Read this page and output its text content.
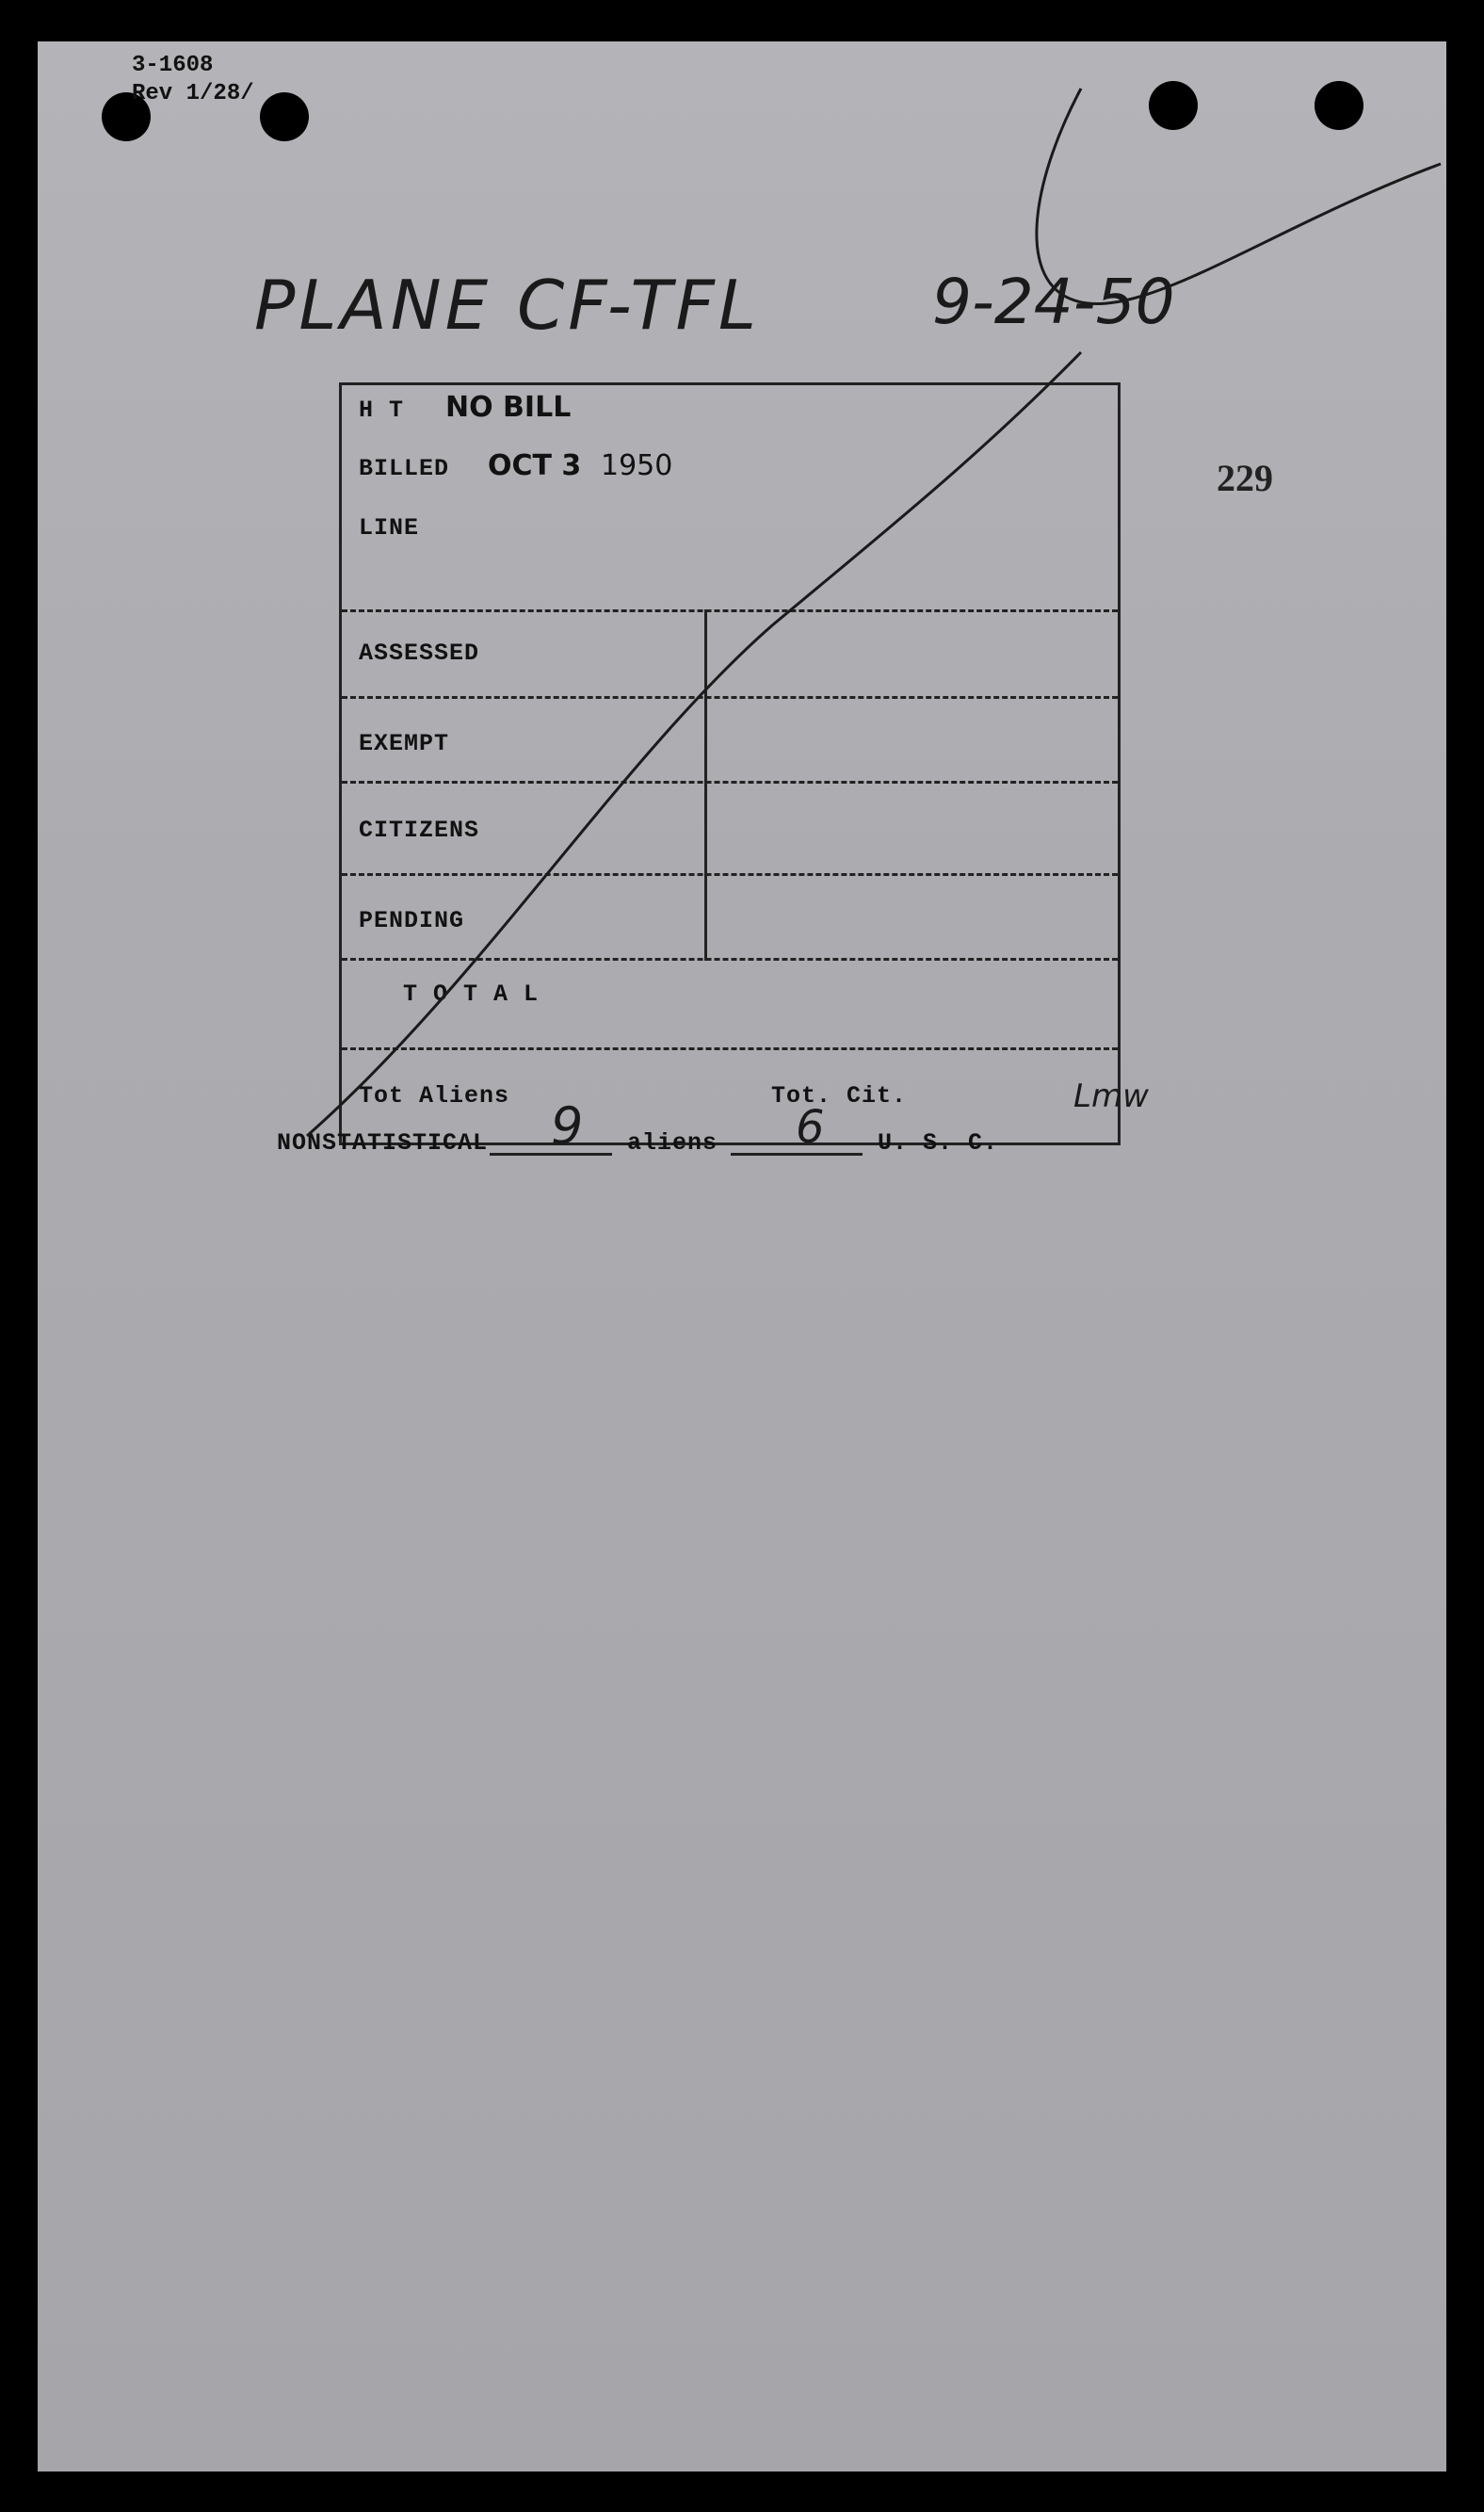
3-1608
Rev 1/28/
PLANE CF-TFL	9-24-50
229
H T NO BILL
BILLED OCT 3 1950
LINE
ASSESSED
EXEMPT
CITIZENS
PENDING
T O T A L
Tot Aliens	Tot. Cit.	Lmw
NONSTATISTICAL 9 aliens 6 U. S. C.
